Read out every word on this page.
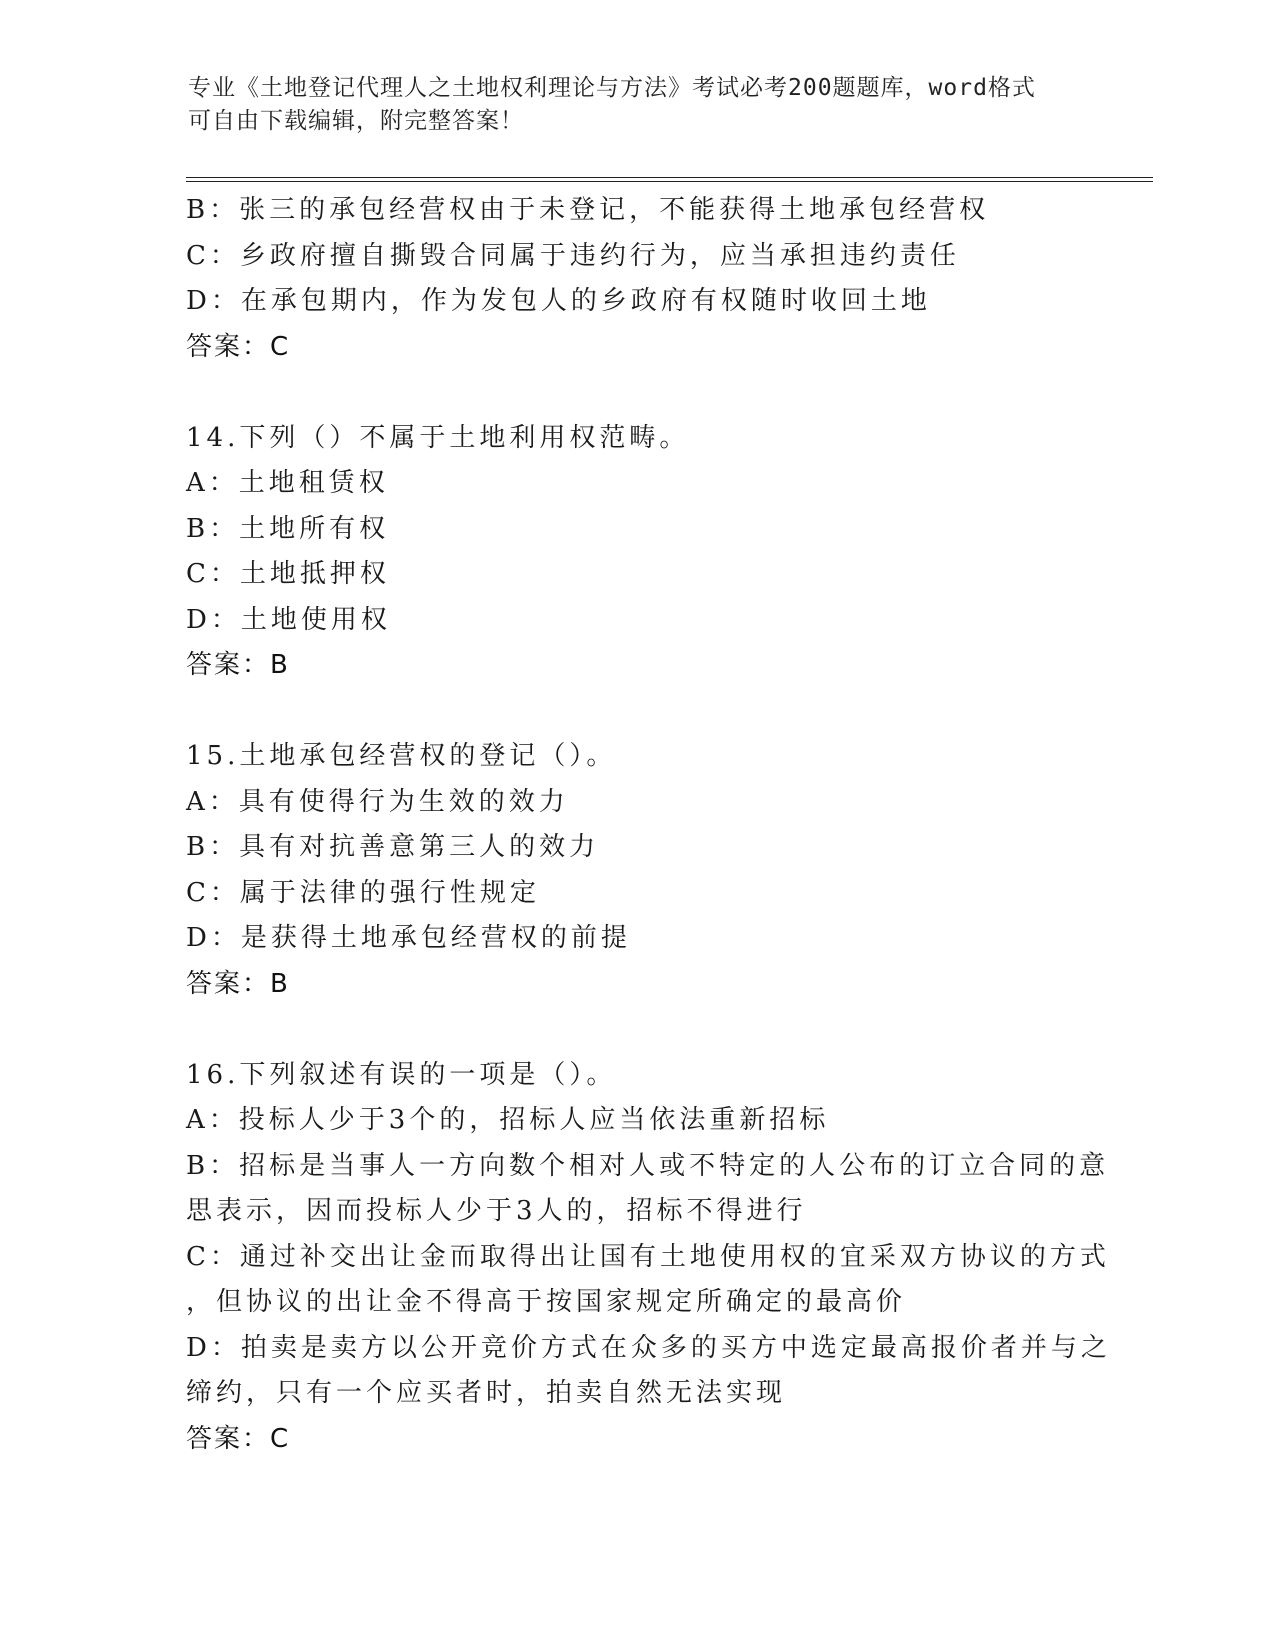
专业《土地登记代理人之土地权利理论与方法》考试必考200题题库，word格式
可自由下载编辑，附完整答案！
B：张三的承包经营权由于未登记，不能获得土地承包经营权
C：乡政府擅自撕毁合同属于违约行为，应当承担违约责任
D：在承包期内，作为发包人的乡政府有权随时收回土地
答案：C
14.下列（）不属于土地利用权范畴。
A：土地租赁权
B：土地所有权
C：土地抵押权
D：土地使用权
答案：B
15.土地承包经营权的登记（）。
A：具有使得行为生效的效力
B：具有对抗善意第三人的效力
C：属于法律的强行性规定
D：是获得土地承包经营权的前提
答案：B
16.下列叙述有误的一项是（）。
A：投标人少于3个的，招标人应当依法重新招标
B：招标是当事人一方向数个相对人或不特定的人公布的订立合同的意
思表示，因而投标人少于3人的，招标不得进行
C：通过补交出让金而取得出让国有土地使用权的宜采双方协议的方式
，但协议的出让金不得高于按国家规定所确定的最高价
D：拍卖是卖方以公开竞价方式在众多的买方中选定最高报价者并与之
缔约，只有一个应买者时，拍卖自然无法实现
答案：C
